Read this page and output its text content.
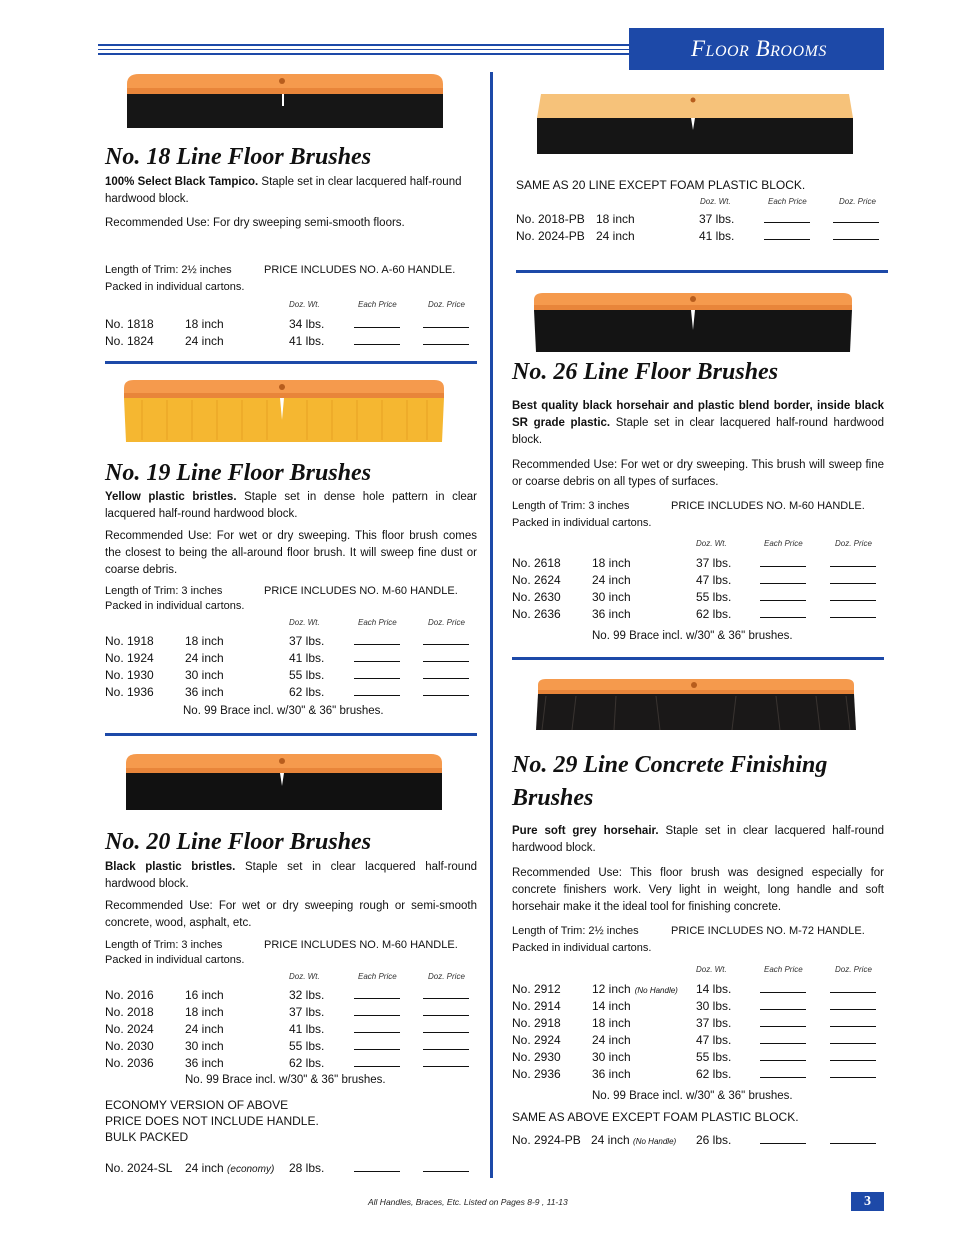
Floor Brooms
No. 18 Line Floor Brushes
100% Select Black Tampico. Staple set in clear lacquered half-round hardwood block.
Recommended Use: For dry sweeping semi-smooth floors.
Length of Trim: 2½ inches	PRICE INCLUDES NO. A-60 HANDLE.
Packed in individual cartons.
Doz. Wt.	Each Price	Doz. Price
No. 1818	18 inch	34 lbs.
No. 1824	24 inch	41 lbs.
No. 19 Line Floor Brushes
Yellow plastic bristles. Staple set in dense hole pattern in clear lacquered half-round hardwood block.
Recommended Use: For wet or dry sweeping. This floor brush comes the closest to being the all-around floor brush. It will sweep fine dust or coarse debris.
Length of Trim: 3 inches	PRICE INCLUDES NO. M-60 HANDLE.
Packed in individual cartons.
Doz. Wt.	Each Price	Doz. Price
No. 1918	18 inch	37 lbs.
No. 1924	24 inch	41 lbs.
No. 1930	30 inch	55 lbs.
No. 1936	36 inch	62 lbs.
No. 99 Brace incl. w/30" & 36" brushes.
No. 20 Line Floor Brushes
Black plastic bristles. Staple set in clear lacquered half-round hardwood block.
Recommended Use: For wet or dry sweeping rough or semi-smooth concrete, wood, asphalt, etc.
Length of Trim: 3 inches	PRICE INCLUDES NO. M-60 HANDLE.
Packed in individual cartons.
Doz. Wt.	Each Price	Doz. Price
No. 2016	16 inch	32 lbs.
No. 2018	18 inch	37 lbs.
No. 2024	24 inch	41 lbs.
No. 2030	30 inch	55 lbs.
No. 2036	36 inch	62 lbs.
No. 99 Brace incl. w/30" & 36" brushes.
ECONOMY VERSION OF ABOVE
PRICE DOES NOT INCLUDE HANDLE.
BULK PACKED
No. 2024-SL 24 inch (economy) 28 lbs.
SAME AS 20 LINE EXCEPT FOAM PLASTIC BLOCK.
Doz. Wt.	Each Price	Doz. Price
No. 2018-PB 18 inch	37 lbs.
No. 2024-PB 24 inch	41 lbs.
No. 26 Line Floor Brushes
Best quality black horsehair and plastic blend border, inside black SR grade plastic. Staple set in clear lacquered half-round hardwood block.
Recommended Use: For wet or dry sweeping. This brush will sweep fine or coarse debris on all types of surfaces.
Length of Trim: 3 inches	PRICE INCLUDES NO. M-60 HANDLE.
Packed in individual cartons.
Doz. Wt.	Each Price	Doz. Price
No. 2618	18 inch	37 lbs.
No. 2624	24 inch	47 lbs.
No. 2630	30 inch	55 lbs.
No. 2636	36 inch	62 lbs.
No. 99 Brace incl. w/30" & 36" brushes.
No. 29 Line Concrete Finishing
Brushes
Pure soft grey horsehair. Staple set in clear lacquered half-round hardwood block.
Recommended Use: This floor brush was designed especially for concrete finishers work. Very light in weight, long handle and soft horsehair make it the ideal tool for finishing concrete.
Length of Trim: 2½ inches	PRICE INCLUDES NO. M-72 HANDLE.
Packed in individual cartons.
Doz. Wt.	Each Price	Doz. Price
No. 2912	12 inch (No Handle) 14 lbs.
No. 2914	14 inch	30 lbs.
No. 2918	18 inch	37 lbs.
No. 2924	24 inch	47 lbs.
No. 2930	30 inch	55 lbs.
No. 2936	36 inch	62 lbs.
No. 99 Brace incl. w/30" & 36" brushes.
SAME AS ABOVE EXCEPT FOAM PLASTIC BLOCK.
No. 2924-PB 24 inch (No Handle) 26 lbs.
All Handles, Braces, Etc. Listed on Pages 8-9 , 11-13	3
